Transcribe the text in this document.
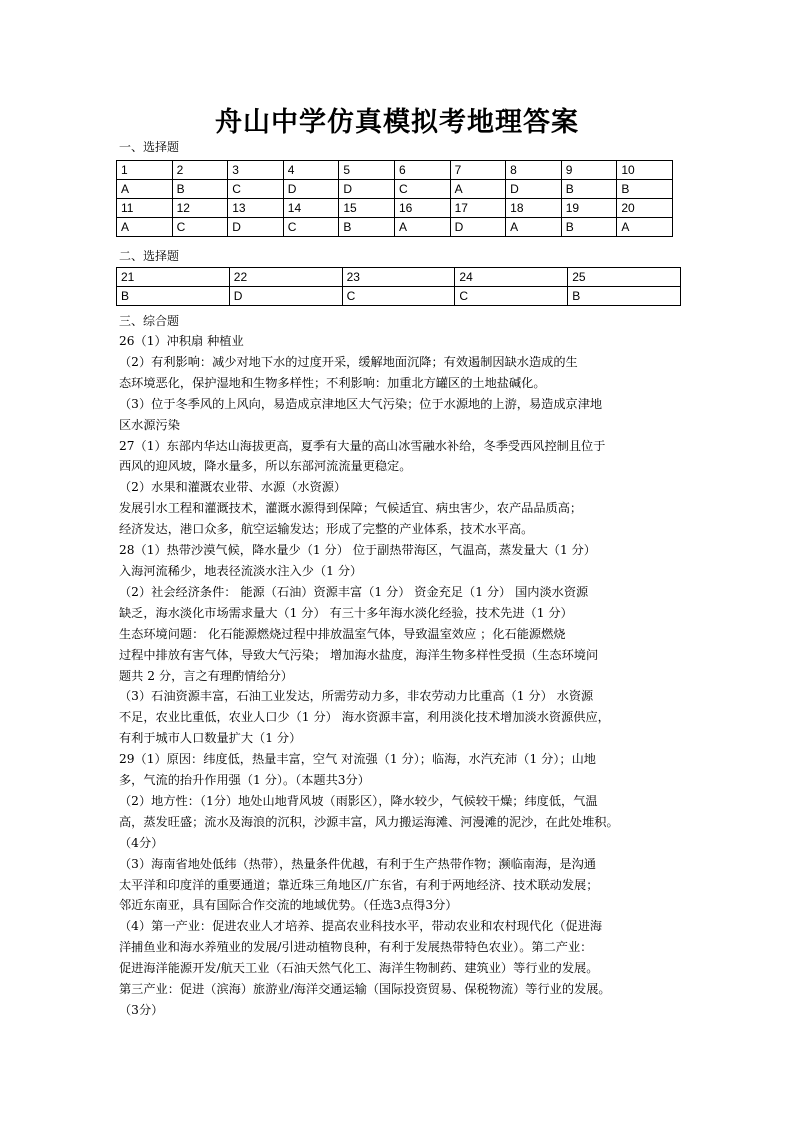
舟山中学仿真模拟考地理答案
一、选择题
1	2	3	4	5	6	7	8	9	10
A	B	C	D	D	C	A	D	B	B
11	12	13	14	15	16	17	18	19	20
A	C	D	C	B	A	D	A	B	A
二、选择题
21	22	23	24	25
B	D	C	C	B
三、综合题

26（1）冲积扇 种植业

（2）有利影响：减少对地下水的过度开采，缓解地面沉降；有效遏制因缺水造成的生

态环境恶化，保护湿地和生物多样性；不利影响：加重北方罐区的土地盐碱化。

（3）位于冬季风的上风向，易造成京津地区大气污染；位于水源地的上游，易造成京津地

区水源污染

27（1）东部内华达山海拔更高，夏季有大量的高山冰雪融水补给，冬季受西风控制且位于

西风的迎风坡，降水量多，所以东部河流流量更稳定。

（2）水果和灌溉农业带、水源（水资源）

发展引水工程和灌溉技术，灌溉水源得到保障；气候适宜、病虫害少，农产品品质高；

经济发达，港口众多，航空运输发达；形成了完整的产业体系，技术水平高。

28（1）热带沙漠气候，降水量少（1 分） 位于副热带海区，气温高，蒸发量大（1 分）

入海河流稀少，地表径流淡水注入少（1 分）

（2）社会经济条件： 能源（石油）资源丰富（1 分） 资金充足（1 分） 国内淡水资源

缺乏，海水淡化市场需求量大（1 分） 有三十多年海水淡化经验，技术先进（1 分）

生态环境问题： 化石能源燃烧过程中排放温室气体，导致温室效应 ；化石能源燃烧

过程中排放有害气体，导致大气污染； 增加海水盐度，海洋生物多样性受损（生态环境问

题共 2 分，言之有理酌情给分）

（3）石油资源丰富，石油工业发达，所需劳动力多，非农劳动力比重高（1 分） 水资源

不足，农业比重低，农业人口少（1 分） 海水资源丰富，利用淡化技术增加淡水资源供应，

有利于城市人口数量扩大（1 分）

29（1）原因：纬度低，热量丰富，空气 对流强（1 分）；临海，水汽充沛（1 分）；山地

多，气流的抬升作用强（1 分）。（本题共3分）

（2）地方性：（1分）地处山地背风坡（雨影区），降水较少，气候较干燥；纬度低，气温

高，蒸发旺盛；流水及海浪的沉积，沙源丰富，风力搬运海滩、河漫滩的泥沙，在此处堆积。

（4分）

（3）海南省地处低纬（热带），热量条件优越，有利于生产热带作物；濒临南海，是沟通

太平洋和印度洋的重要通道；靠近珠三角地区/广东省，有利于两地经济、技术联动发展；

邻近东南亚，具有国际合作交流的地域优势。（任选3点得3分）

（4）第一产业：促进农业人才培养、提高农业科技水平，带动农业和农村现代化（促进海

洋捕鱼业和海水养殖业的发展/引进动植物良种，有利于发展热带特色农业）。第二产业：

促进海洋能源开发/航天工业（石油天然气化工、海洋生物制药、建筑业）等行业的发展。

第三产业：促进（滨海）旅游业/海洋交通运输（国际投资贸易、保税物流）等行业的发展。

（3分）
